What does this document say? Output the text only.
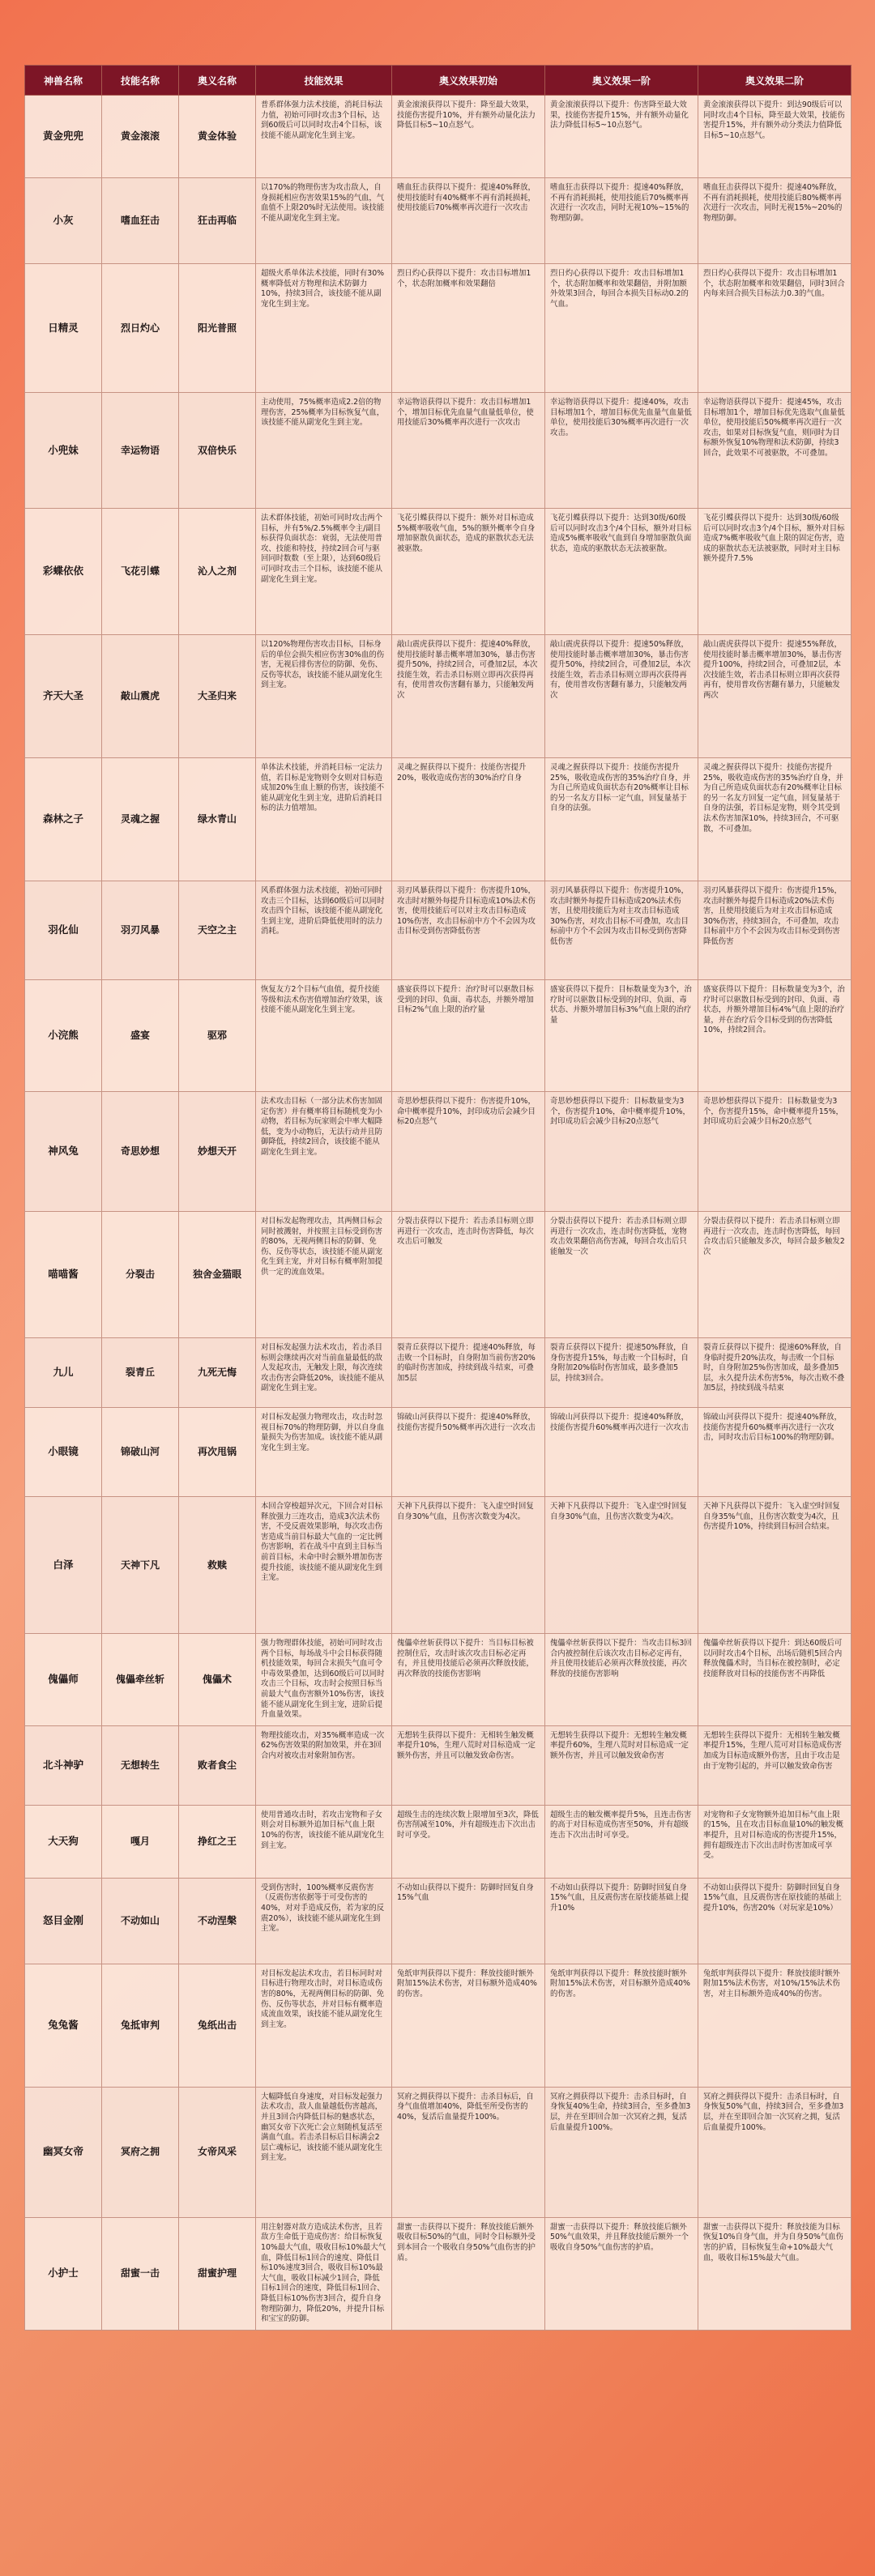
神兽名称	技能名称	奥义名称	技能效果	奥义效果初始	奥义效果一阶	奥义效果二阶
黄金兜兜	黄金滚滚	黄金体验	普系群体强力法术技能，消耗目标法力值，初始可同时攻击3个目标，达到60级后可以同时攻击4个目标，该技能不能从副宠化生到主宠。	黄金滚滚获得以下提升：降至最大效果，技能伤害提升10%，并有额外动量化法力降低目标5~10点怒气。	黄金滚滚获得以下提升：伤害降至最大效果，技能伤害提升15%，并有额外动量化法力降低目标5~10点怒气。	黄金滚滚获得以下提升：到达90级后可以同时攻击4个目标，降至最大效果，技能伤害提升15%，并有额外动分类法力值降低目标5~10点怒气。
小灰	嗜血狂击	狂击再临	以170%的物理伤害为攻击敌人，自身损耗相应伤害效果15%的气血，气血值不上限20%时无法使用。该技能不能从副宠化生到主宠。	嗜血狂击获得以下提升：提速40%释放，使用技能时有40%概率不再有消耗损耗，使用技能后70%概率再次进行一次攻击	嗜血狂击获得以下提升：提速40%释放，不再有消耗损耗，使用技能后70%概率再次进行一次攻击，同时无视10%~15%的物理防御。	嗜血狂击获得以下提升：提速40%释放，不再有消耗损耗，使用技能后80%概率再次进行一次攻击，同时无视15%~20%的物理防御。
日精灵	烈日灼心	阳光普照	超级火系单体法术技能，同时有30%概率降低对方物理和法术防御力10%，持续3回合，该技能不能从副宠化生到主宠。	烈日灼心获得以下提升：攻击目标增加1个，状态附加概率和效果翻倍	烈日灼心获得以下提升：攻击目标增加1个，状态附加概率和效果翻倍，并附加额外效果3回合，每回合本损失目标动0.2的气血。	烈日灼心获得以下提升：攻击目标增加1个，状态附加概率和效果翻倍，同时3回合内每来回合损失目标法力0.3的气血。
小兜妹	幸运物语	双倍快乐	主动使用，75%概率造成2.2倍的物理伤害，25%概率为目标恢复气血，该技能不能从副宠化生到主宠。	幸运物语获得以下提升：攻击目标增加1个，增加目标优先血量气血量低单位，使用技能后30%概率再次进行一次攻击	幸运物语获得以下提升：提速40%，攻击目标增加1个，增加目标优先血量气血量低单位，使用技能后30%概率再次进行一次攻击。	幸运物语获得以下提升：提速45%，攻击目标增加1个，增加目标优先选取气血量低单位，使用技能后50%概率再次进行一次攻击，如果对目标恢复气血，则同时为目标额外恢复10%物理和法术防御，持续3回合，此效果不可被驱散，不可叠加。
彩蝶依依	飞花引蝶	沁人之剂	法术群体技能，初始可同时攻击两个目标，并有5%/2.5%概率令主/副目标获得负面状态：衰弱，无法使用普攻、技能和特技，持续2回合可与驱回同时数数（至上限），达到60级后可同时攻击三个目标，该技能不能从副宠化生到主宠。	飞花引蝶获得以下提升：额外对目标造成5%概率吸收气血，5%的额外概率令自身增加驱散负面状态，造成的驱散状态无法被驱散。	飞花引蝶获得以下提升：达到30级/60级后可以同时攻击3个/4个目标，额外对目标造成5%概率吸收气血到自身增加驱散负面状态，造成的驱散状态无法被驱散。	飞花引蝶获得以下提升：达到30级/60级后可以同时攻击3个/4个目标，额外对目标造成7%概率吸收气血上限的固定伤害，造成的驱散状态无法被驱散，同时对主目标额外提升7.5%
齐天大圣	敲山震虎	大圣归来	以120%物理伤害攻击目标，目标身后的单位会损失相应伤害30%血的伤害，无视后排伤害位的防御、免伤、反伤等状态，该技能不能从副宠化生到主宠。	敲山震虎获得以下提升：提速40%释放，使用技能时暴击概率增加30%，暴击伤害提升50%，持续2回合，可叠加2层，本次技能生效，若击杀目标则立即再次获得再有，使用普攻伤害翻有暴力，只能触发两次	敲山震虎获得以下提升：提速50%释放，使用技能时暴击概率增加30%，暴击伤害提升50%，持续2回合，可叠加2层，本次技能生效，若击杀目标则立即再次获得再有，使用普攻伤害翻有暴力，只能触发两次	敲山震虎获得以下提升：提速55%释放，使用技能时暴击概率增加30%，暴击伤害提升100%，持续2回合，可叠加2层，本次技能生效，若击杀目标则立即再次获得再有，使用普攻伤害翻有暴力，只能触发两次
森林之子	灵魂之握	绿水青山	单体法术技能，并消耗目标一定法力值，若目标是宠物则令女则对目标造成加20%生血上额的伤害，该技能不能从副宠化生到主宠，进阶后消耗目标的法力值增加。	灵魂之握获得以下提升：技能伤害提升20%，吸收造成伤害的30%治疗自身	灵魂之握获得以下提升：技能伤害提升25%，吸收造成伤害的35%治疗自身，并为自己所造成负面状态有20%概率让目标的另一名友方目标一定气血，回复量基于自身的法强。	灵魂之握获得以下提升：技能伤害提升25%，吸收造成伤害的35%治疗自身，并为自己所造成负面状态有20%概率让目标的另一名友方回复一定气血，回复量基于自身的法强，若目标是宠物，则令其受到法术伤害加深10%，持续3回合，不可驱散，不可叠加。
羽化仙	羽刃风暴	天空之主	风系群体强力法术技能，初始可同时攻击三个目标，达到60级后可以同时攻击四个目标，该技能不能从副宠化生到主宠，进阶后降低使用时的法力消耗。	羽刃风暴获得以下提升：伤害提升10%，攻击时对额外每提升目标造成10%法术伤害，使用技能后可以对主攻击目标造成10%伤害，攻击目标前中方个不会因为攻击目标受到伤害降低伤害	羽刃风暴获得以下提升：伤害提升10%，攻击时额外每提升目标造成20%法术伤害，且使用技能后为对主攻击目标造成30%伤害，对攻击目标不可叠加，攻击目标前中方个不会因为攻击目标受到伤害降低伤害	羽刃风暴获得以下提升：伤害提升15%，攻击时额外每提升目标造成20%法术伤害，且使用技能后为对主攻击目标造成30%伤害，持续3回合，不可叠加，攻击目标前中方个不会因为攻击目标受到伤害降低伤害
小浣熊	盛宴	驱邪	恢复友方2个目标气血值，提升技能等级和法术伤害值增加治疗效果，该技能不能从副宠化生到主宠。	盛宴获得以下提升：治疗时可以驱散目标受到的封印、负面、毒状态，并额外增加目标2%气血上限的治疗量	盛宴获得以下提升：目标数量变为3个，治疗时可以驱散目标受到的封印、负面、毒状态、并额外增加目标3%气血上限的治疗量	盛宴获得以下提升：目标数量变为3个，治疗时可以驱散目标受到的封印、负面、毒状态，并额外增加目标4%气血上限的治疗量，并在治疗后令目标受到的伤害降低10%，持续2回合。
神风兔	奇思妙想	妙想天开	法术攻击目标（一部分法术伤害加固定伤害）并有概率将目标随机变为小动物，若目标为玩家则会中率大幅降低，变为小动物后，无法行动并且防御降低，持续2回合，该技能不能从副宠化生到主宠。	奇思妙想获得以下提升：伤害提升10%，命中概率提升10%，封印成功后会减少目标20点怒气	奇思妙想获得以下提升：目标数量变为3个，伤害提升10%，命中概率提升10%，封印成功后会减少目标20点怒气	奇思妙想获得以下提升：目标数量变为3个，伤害提升15%，命中概率提升15%，封印成功后会减少目标20点怒气
喵喵酱	分裂击	独舍金猫眼	对目标发起物理攻击，其两侧目标会同时被溅射，并按照主目标受到伤害的80%，无视两侧目标的防御、免伤、反伤等状态，该技能不能从副宠化生到主宠，并对目标有概率附加提供一定的流血效果。	分裂击获得以下提升：若击杀目标则立即再进行一次攻击，连击时伤害降低，每次攻击后可触发	分裂击获得以下提升：若击杀目标则立即再进行一次攻击，连击时伤害降低，宠物攻击效果翻倍高伤害减，每回合攻击后只能触发一次	分裂击获得以下提升：若击杀目标则立即再进行一次攻击，连击时伤害降低，每回合攻击后只能触发多次，每回合最多触发2次
九儿	裂青丘	九死无悔	对目标发起强力法术攻击，若击杀目标则会继续再次对当前血量最低的敌人发起攻击，无触发上限，每次连续攻击伤害会降低20%，该技能不能从副宠化生到主宠。	裂青丘获得以下提升：提速40%释放，每击败一个目标时，自身附加当前伤害20%的临时伤害加成，持续到战斗结束，可叠加5层	裂青丘获得以下提升：提速50%释放，自身伤害提升15%，每击败一个目标时，自身附加20%临时伤害加成，最多叠加5层，持续3回合。	裂青丘获得以下提升：提速60%释放，自身临时提升20%法攻，每击败一个目标时，自身附加25%伤害加成，最多叠加5层，永久提升法术伤害5%，每次击败不叠加5层，持续到战斗结束
小眼镜	锦破山河	再次甩锅	对目标发起强力物理攻击，攻击时忽视目标70%的物理防御，并以自身血量损失为伤害加成。该技能不能从副宠化生到主宠。	锦破山河获得以下提升：提速40%释放，技能伤害提升50%概率再次进行一次攻击	锦破山河获得以下提升：提速40%释放，技能伤害提升60%概率再次进行一次攻击	锦破山河获得以下提升：提速40%释放，技能伤害提升60%概率再次进行一次攻击，同时攻击后目标100%的物理防御。
白泽	天神下凡	救赎	本回合穿梭超异次元，下回合对目标释放强力三连攻击，造成3次法术伤害，不受反震效果影响，每次攻击伤害造成当前目标最大气血的一定比例伤害影响，若在战斗中直到主目标当前首目标，未命中时会额外增加伤害提升技能，该技能不能从副宠化生到主宠。	天神下凡获得以下提升：飞入虚空时回复自身30%气血，且伤害次数变为4次。	天神下凡获得以下提升：飞入虚空时回复自身30%气血，且伤害次数变为4次。	天神下凡获得以下提升：飞入虚空时回复自身35%气血，且伤害次数变为4次，且伤害提升10%，持续到目标回合结束。
傀儡师	傀儡牵丝斩	傀儡术	强力物理群体技能，初始可同时攻击两个目标，每场战斗中会目标获得随机技能效果，每回合末损失气血可令中毒效果叠加，达到60级后可以同时攻击三个目标，攻击时会按照目标当前最大气血伤害额外10%伤害，该技能不能从副宠化生到主宠，进阶后提升血量效果。	傀儡牵丝斩获得以下提升：当目标目标被控制住后，攻击时该次攻击目标必定再有，并且使用技能后必须再次释放技能，再次释放的技能伤害影响	傀儡牵丝斩获得以下提升：当攻击目标3回合内被控制住后该次攻击目标必定再有，并且使用技能后必须再次释放技能，再次释放的技能伤害影响	傀儡牵丝斩获得以下提升：到达60级后可以同时攻击4个目标，出场后随机5回合内释放傀儡术时，当目标在被控制时，必定技能释放对目标的技能伤害不再降低
北斗神驴	无想转生	败者食尘	物理技能攻击，对35%概率造成一次62%伤害效果的附加效果，并在3回合内对被攻击对象附加伤害。	无想转生获得以下提升：无相转生触发概率提升10%，生理八荒时对目标造成一定额外伤害，并且可以触发致命伤害。	无想转生获得以下提升：无想转生触发概率提升60%，生理八荒时对目标造成一定额外伤害，并且可以触发致命伤害	无想转生获得以下提升：无相转生触发概率提升15%，生理八荒可对目标造成伤害加成为目标造成额外伤害，且由于攻击是由于宠物引起的，并可以触发致命伤害
大天狗	嘎月	挣红之王	使用普通攻击时，若攻击宠物和子女则会对目标额外追加目标气血上限10%的伤害，该技能不能从副宠化生到主宠。	超级生击的连续次数上限增加至3次，降低伤害削减至10%，并有超级连击下次出击时可享受。	超级生击的触发概率提升5%，且连击伤害的高于对目标造成伤害至50%，并有超级连击下次出击时可享受。	对宠物和子女宠物额外追加目标气血上限的15%，且在攻击目标血量10%的触发概率提升，且对目标造成的伤害提升15%，拥有超级连击下次出击时伤害加成可享受。
怒目金刚	不动如山	不动涅槃	受到伤害时，100%概率反震伤害（反震伤害依据等于可受伤害的40%，对对手造成反伤，若为家的反震20%），该技能不能从副宠化生到主宠。	不动如山获得以下提升：防御时回复自身15%气血	不动如山获得以下提升：防御时回复自身15%气血，且反震伤害在原技能基础上提升10%	不动如山获得以下提升：防御时回复自身15%气血，且反震伤害在原技能的基础上提升10%，伤害20%（对玩家是10%）
兔兔酱	兔抵审判	兔纸出击	对目标发起法术攻击，若目标同时对目标进行物理攻击时，对目标造成伤害的80%，无视两侧目标的防御、免伤、反伤等状态，并对目标有概率造成流血效果，该技能不能从副宠化生到主宠。	兔纸审判获得以下提升：释放技能时额外附加15%法术伤害，对目标额外造成40%的伤害。	兔纸审判获得以下提升：释放技能时额外附加15%法术伤害，对目标额外造成40%的伤害。	兔纸审判获得以下提升：释放技能时额外附加15%法术伤害，对10%/15%法术伤害，对主目标额外造成40%的伤害。
幽冥女帝	冥府之拥	女帝风采	大幅降低自身速度，对目标发起强力法术攻击，敌人血量越低伤害越高，并且3回合内降低目标的魅惑状态，幽冥女帝下次死亡会立刻随机复活至满血气血。若击杀目标后目标满会2层亡魂标记，该技能不能从副宠化生到主宠。	冥府之拥获得以下提升：击杀目标后，自身气血值增加40%，降低至所受伤害的40%，复活后血量提升100%。	冥府之拥获得以下提升：击杀目标时，自身恢复40%生命，持续3回合，至多叠加3层，并在至即回合加一次冥府之拥，复活后血量提升100%。	冥府之拥获得以下提升：击杀目标时，自身恢复50%气血，持续3回合，至多叠加3层，并在至即回合加一次冥府之拥，复活后血量提升100%。
小护士	甜蜜一击	甜蜜护理	用注射器对敌方造成法术伤害，且若敌方生命低于造成伤害：给目标恢复10%最大气血，吸收目标10%最大气血，降低目标1回合的速度、降低目标10%速度3回合，吸收目标10%最大气血，吸收目标减少1回合，降低目标1回合的速度，降低目标1回合、降低目标10%伤害3回合，提升自身物理防御力，降低20%，并提升目标和宝宝的防御。	甜蜜一击获得以下提升：释放技能后额外吸收目标50%的气血，同时令目标额外受到本回合一个吸收自身50%气血伤害的护盾。	甜蜜一击获得以下提升：释放技能后额外50%气血效果，并且释放技能后额外一个吸收自身50%气血伤害的护盾。	甜蜜一击获得以下提升：释放技能为目标恢复10%自身气血，并为自身50%气血伤害的护盾，目标恢复生命+10%最大气血，吸收目标15%最大气血。
